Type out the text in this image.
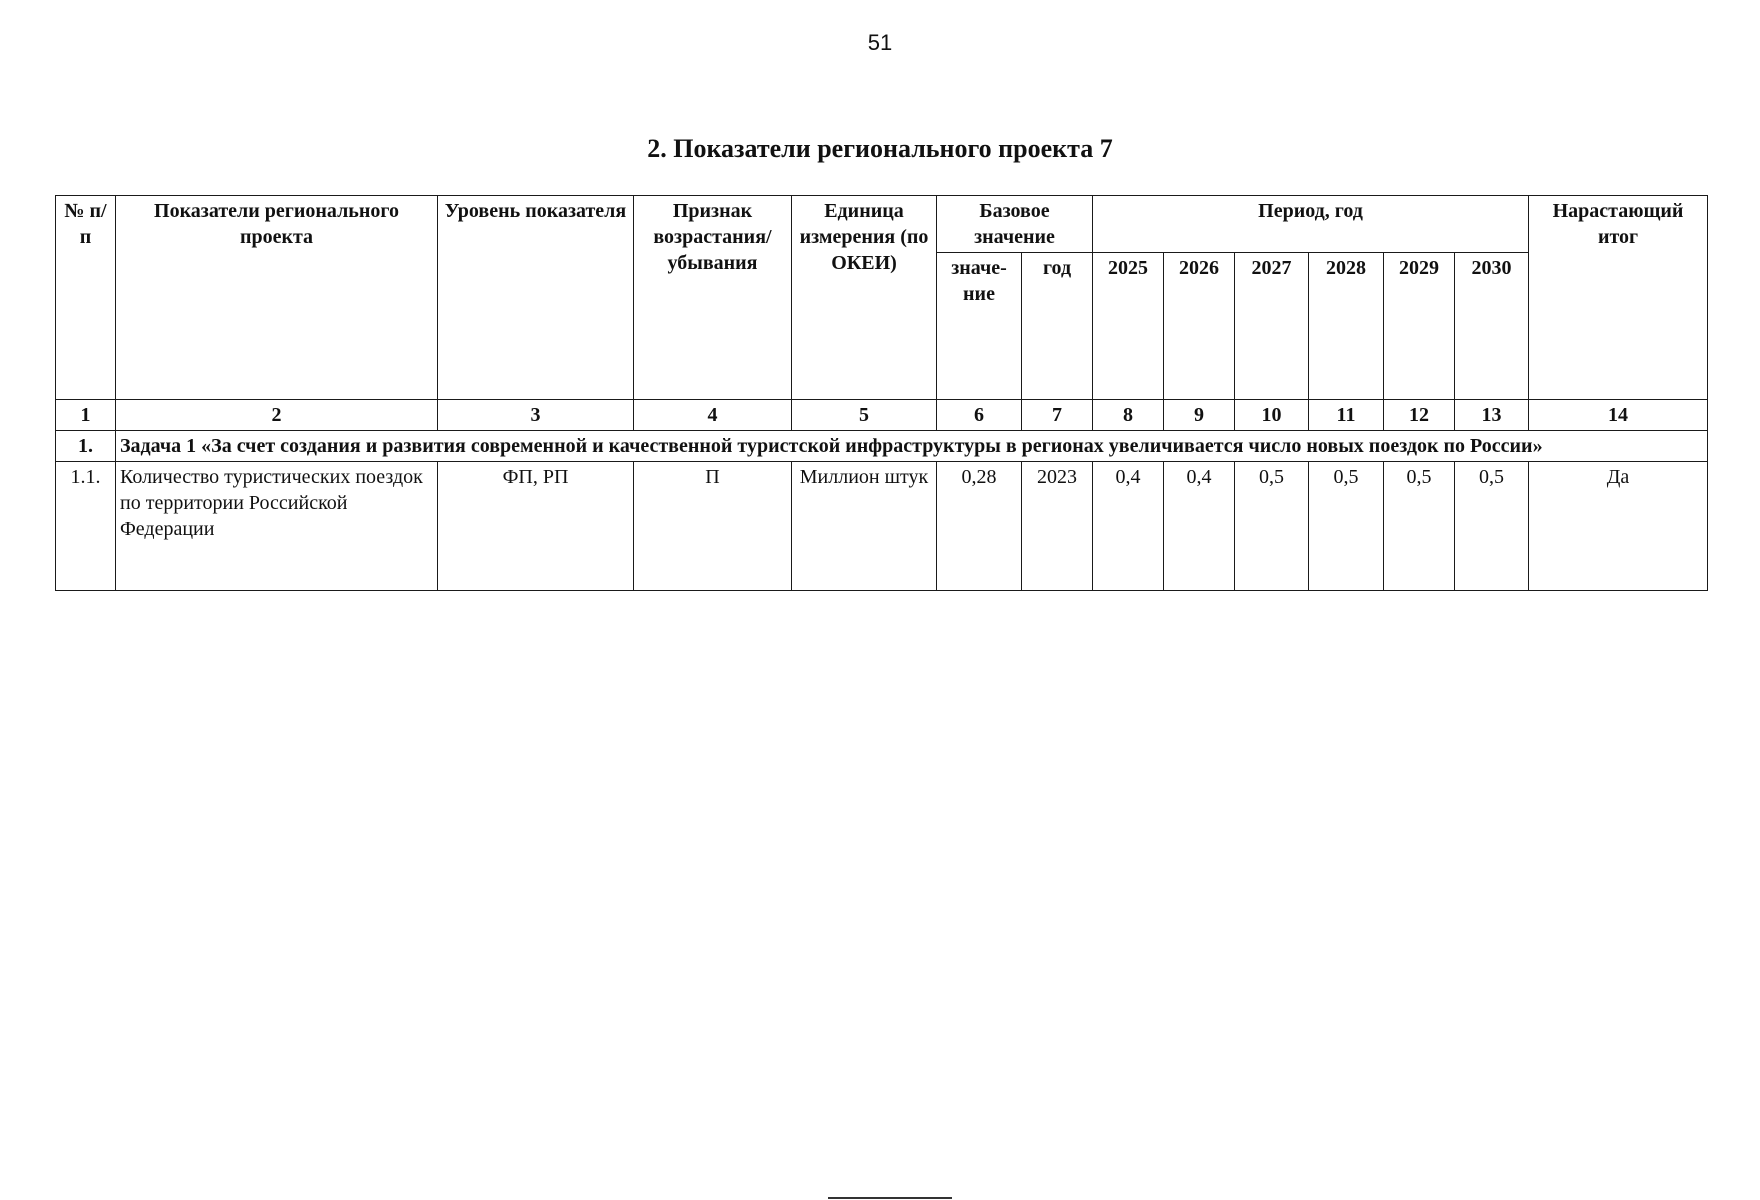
51
2. Показатели регионального проекта 7
№ п/п	Показатели регионального проекта	Уровень показателя	Признак возрастания/ убывания	Единица измерения (по ОКЕИ)	Базовое значение		Период, год						Нарастающий итог
					значе-ние	год	2025	2026	2027	2028	2029	2030	
1	2	3	4	5	6	7	8	9	10	11	12	13	14
1.	Задача 1 «За счет создания и развития современной и качественной туристской инфраструктуры в регионах увеличивается число новых поездок по России»												
1.1.	Количество туристических поездок по территории Российской Федерации	ФП, РП	П	Миллион штук	0,28	2023	0,4	0,4	0,5	0,5	0,5	0,5	Да
